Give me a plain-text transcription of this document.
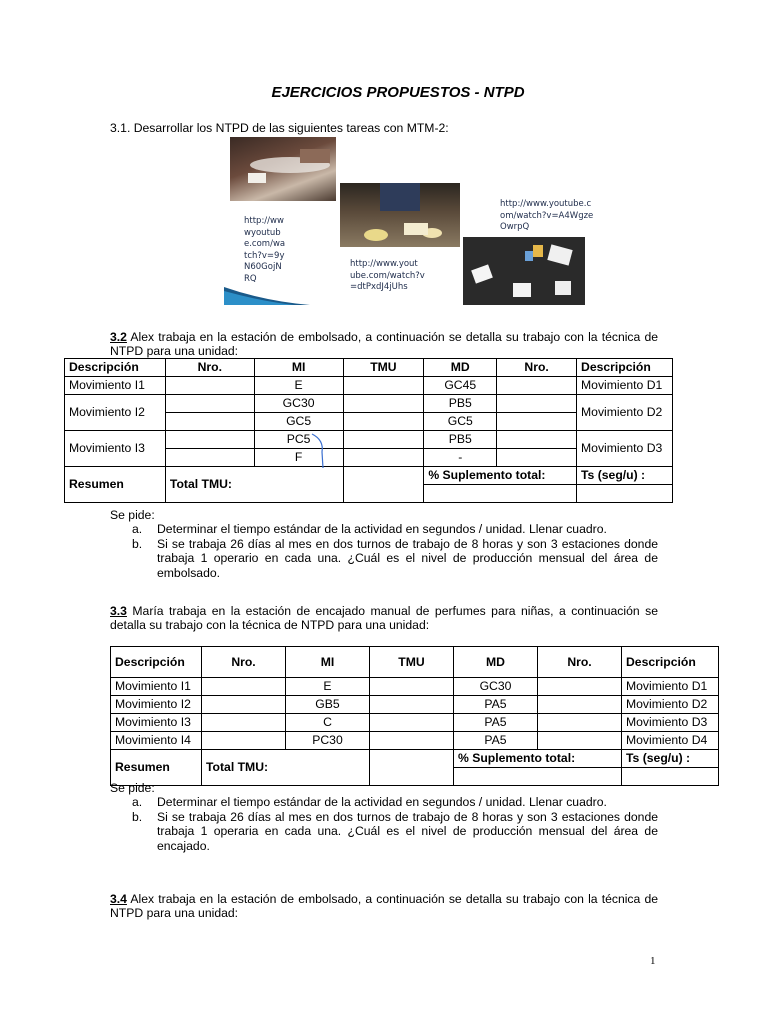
EJERCICIOS PROPUESTOS - NTPD
3.1. Desarrollar los NTPD de las siguientes tareas con MTM-2:
http://ww
wyoutub
e.com/wa
tch?v=9y
N60GojN
RQ
http://www.yout
ube.com/watch?v
=dtPxdJ4jUhs
http://www.youtube.c
om/watch?v=A4Wgze
OwrpQ
3.2 Alex trabaja en la estación de embolsado, a continuación se detalla su trabajo con la técnica de NTPD para una unidad:
Descripción	Nro.	MI	TMU	MD	Nro.	Descripción
Movimiento I1		E		GC45		Movimiento D1
Movimiento I2		GC30		PB5		Movimiento D2
		GC5		GC5		
Movimiento I3		PC5		PB5		Movimiento D3
		F		-		
Resumen	Total TMU:			% Suplemento total:		Ts (seg/u) :

Se pide:
a. Determinar el tiempo estándar de la actividad en segundos / unidad. Llenar cuadro.
b. Si se trabaja 26 días al mes en dos turnos de trabajo de 8 horas y son 3 estaciones donde trabaja 1 operario en cada una. ¿Cuál es el nivel de producción mensual del área de embolsado.
3.3 María trabaja en la estación de encajado manual de perfumes para niñas, a continuación se detalla su trabajo con la técnica de NTPD para una unidad:
Descripción	Nro.	MI	TMU	MD	Nro.	Descripción
Movimiento I1		E		GC30		Movimiento D1
Movimiento I2		GB5		PA5		Movimiento D2
Movimiento I3		C		PA5		Movimiento D3
Movimiento I4		PC30		PA5		Movimiento D4
Resumen	Total TMU:			% Suplemento total:		Ts (seg/u) :

Se pide:
a. Determinar el tiempo estándar de la actividad en segundos / unidad. Llenar cuadro.
b. Si se trabaja 26 días al mes en dos turnos de trabajo de 8 horas y son 3 estaciones donde trabaja 1 operaria en cada una. ¿Cuál es el nivel de producción mensual del área de encajado.
3.4 Alex trabaja en la estación de embolsado, a continuación se detalla su trabajo con la técnica de NTPD para una unidad:
1
